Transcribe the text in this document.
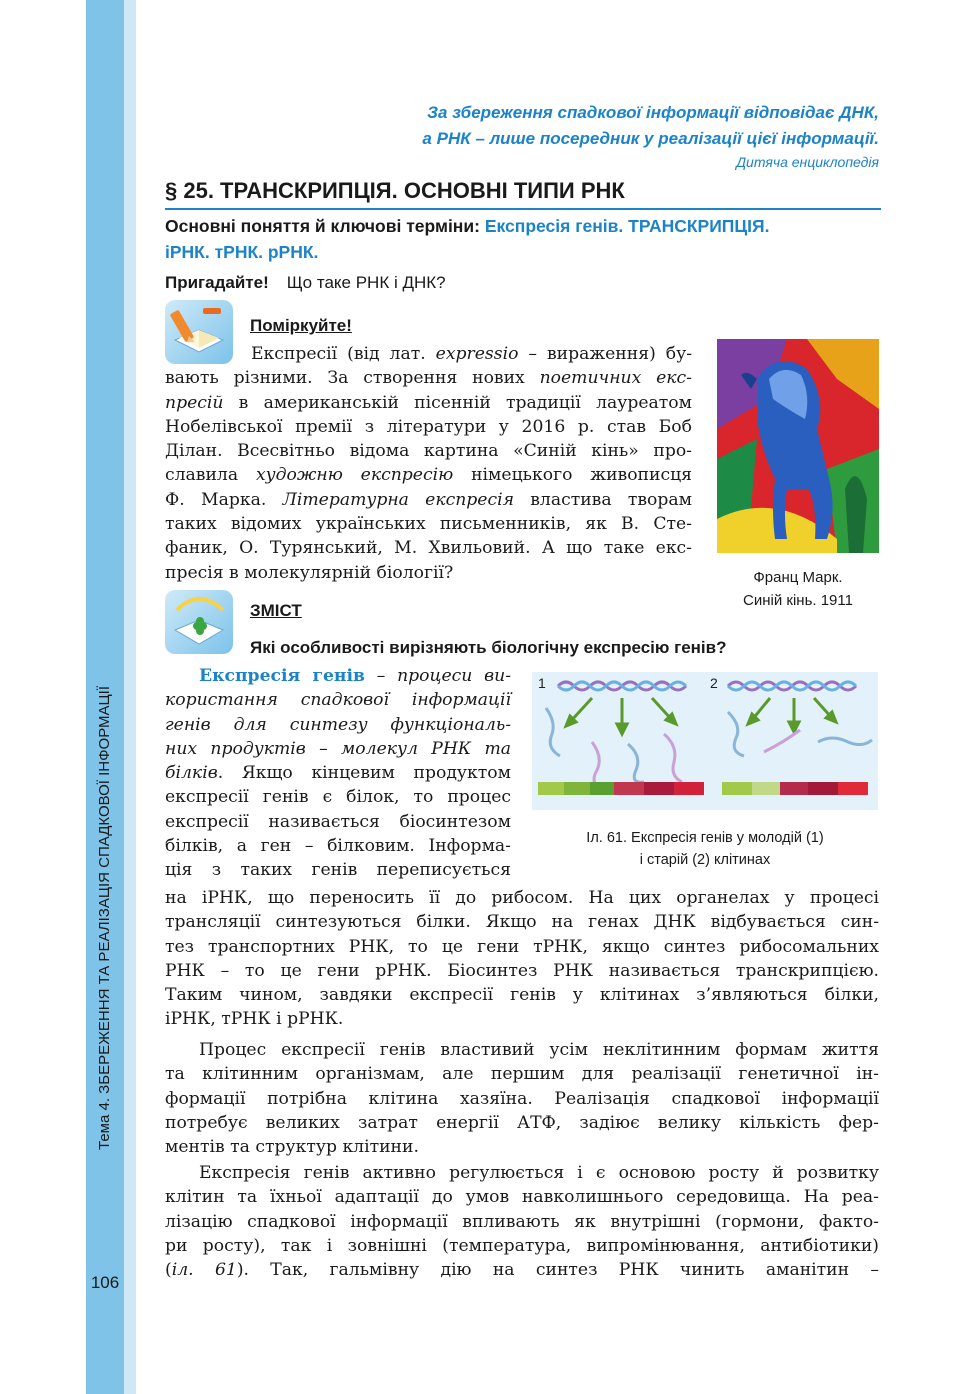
Тема 4. ЗБЕРЕЖЕННЯ ТА РЕАЛІЗАЦІЯ СПАДКОВОЇ ІНФОРМАЦІЇ
106
За збереження спадкової інформації відповідає ДНК,
а РНК – лише посередник у реалізації цієї інформації.
Дитяча енциклопедія
§ 25. ТРАНСКРИПЦІЯ. ОСНОВНІ ТИПИ РНК
Основні поняття й ключові терміни: Експресія генів. ТРАНСКРИПЦІЯ.
іРНК. тРНК. рРНК.
Пригадайте! Що таке РНК і ДНК?
Поміркуйте!
Експресії (від лат. expressio – вираження) бу-
вають різними. За створення нових поетичних екс-
пресій в американській пісенній традиції лауреатом
Нобелівської премії з літератури у 2016 р. став Боб
Ділан. Всесвітньо відома картина «Синій кінь» про-
славила художню експресію німецького живописця
Ф. Марка. Літературна експресія властива творам
таких відомих українських письменників, як В. Сте-
фаник, О. Турянський, М. Хвильовий. А що таке екс-
пресія в молекулярній біології?	Франц Марк.
Синій кінь. 1911
ЗМІСТ
Які особливості вирізняють біологічну експресію генів?
Експресія генів – процеси ви-
користання спадкової інформації
генів для синтезу функціональ-
них продуктів – молекул РНК та
білків. Якщо кінцевим продуктом
експресії генів є білок, то процес
експресії називається біосинтезом
білків, а ген – білковим. Інформа-
ція з таких генів переписується
1	2
Іл. 61. Експресія генів у молодій (1)
і старій (2) клітинах
на іРНК, що переносить її до рибосом. На цих органелах у процесі
трансляції синтезуються білки. Якщо на генах ДНК відбувається син-
тез транспортних РНК, то це гени тРНК, якщо синтез рибосомальних
РНК – то це гени рРНК. Біосинтез РНК називається транскрипцією.
Таким чином, завдяки експресії генів у клітинах з’являються білки,
іРНК, тРНК і рРНК.
Процес експресії генів властивий усім неклітинним формам життя
та клітинним організмам, але першим для реалізації генетичної ін-
формації потрібна клітина хазяїна. Реалізація спадкової інформації
потребує великих затрат енергії АТФ, задіює велику кількість фер-
ментів та структур клітини.
Експресія генів активно регулюється і є основою росту й розвитку
клітин та їхньої адаптації до умов навколишнього середовища. На реа-
лізацію спадкової інформації впливають як внутрішні (гормони, факто-
ри росту), так і зовнішні (температура, випромінювання, антибіотики)
(іл. 61). Так, гальмівну дію на синтез РНК чинить аманітин –
